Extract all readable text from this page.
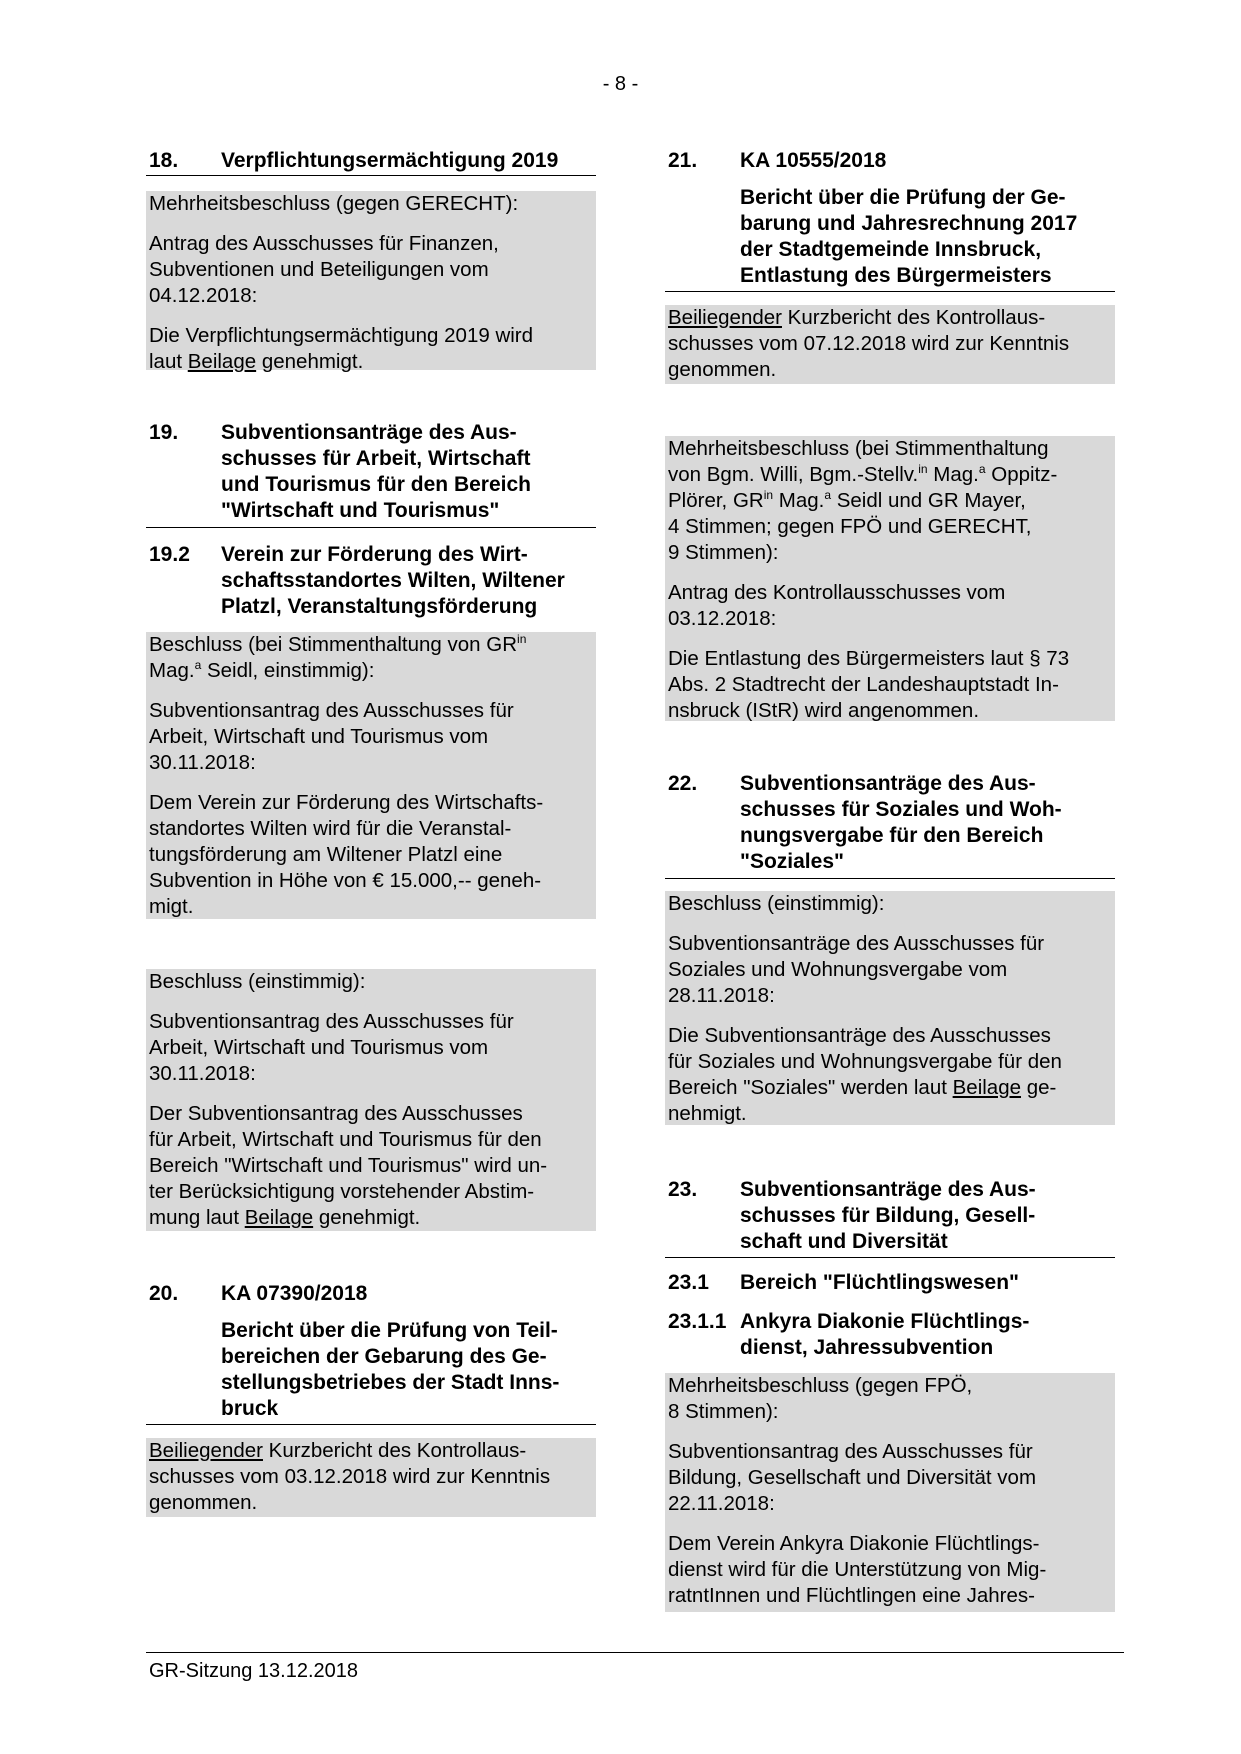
- 8 -
18. Verpflichtungsermächtigung 2019

Mehrheitsbeschluss (gegen GERECHT):

Antrag des Ausschusses für Finanzen,
Subventionen und Beteiligungen vom
04.12.2018:

Die Verpflichtungsermächtigung 2019 wird
laut Beilage genehmigt.

19. Subventionsanträge des Aus-
schusses für Arbeit, Wirtschaft
und Tourismus für den Bereich
"Wirtschaft und Tourismus"
19.2 Verein zur Förderung des Wirt-
schaftsstandortes Wilten, Wiltener
Platzl, Veranstaltungsförderung

Beschluss (bei Stimmenthaltung von $GR^{in}$
Mag.$^a$ Seidl, einstimmig):

Subventionsantrag des Ausschusses für
Arbeit, Wirtschaft und Tourismus vom
30.11.2018:

Dem Verein zur Förderung des Wirtschafts-
standortes Wilten wird für die Veranstal-
tungsförderung am Wiltener Platzl eine
Subvention in Höhe von € 15.000,-- geneh-
migt.

Beschluss (einstimmig):

Subventionsantrag des Ausschusses für
Arbeit, Wirtschaft und Tourismus vom
30.11.2018:

Der Subventionsantrag des Ausschusses
für Arbeit, Wirtschaft und Tourismus für den
Bereich "Wirtschaft und Tourismus" wird un-
ter Berücksichtigung vorstehender Abstim-
mung laut Beilage genehmigt.

20. KA 07390/2018
Bericht über die Prüfung von Teil-
bereichen der Gebarung des Ge-
stellungsbetriebes der Stadt Inns-
bruck

Beiliegender Kurzbericht des Kontrollaus-
schusses vom 03.12.2018 wird zur Kenntnis
genommen.

21. KA 10555/2018
Bericht über die Prüfung der Ge-
barung und Jahresrechnung 2017
der Stadtgemeinde Innsbruck,
Entlastung des Bürgermeisters

Beiliegender Kurzbericht des Kontrollaus-
schusses vom 07.12.2018 wird zur Kenntnis
genommen.

Mehrheitsbeschluss (bei Stimmenthaltung
von Bgm. Willi, Bgm.-Stellv.$^{in}$ Mag.$^a$ Oppitz-
Plörer, $GR^{in}$ Mag.$^a$ Seidl und GR Mayer,
4 Stimmen; gegen FPÖ und GERECHT,
9 Stimmen):

Antrag des Kontrollausschusses vom
03.12.2018:

Die Entlastung des Bürgermeisters laut § 73
Abs. 2 Stadtrecht der Landeshauptstadt In-
nsbruck (IStR) wird angenommen.

22. Subventionsanträge des Aus-
schusses für Soziales und Woh-
nungsvergabe für den Bereich
"Soziales"

Beschluss (einstimmig):

Subventionsanträge des Ausschusses für
Soziales und Wohnungsvergabe vom
28.11.2018:

Die Subventionsanträge des Ausschusses
für Soziales und Wohnungsvergabe für den
Bereich "Soziales" werden laut Beilage ge-
nehmigt.

23. Subventionsanträge des Aus-
schusses für Bildung, Gesell-
schaft und Diversität
23.1 Bereich "Flüchtlingswesen"
23.1.1 Ankyra Diakonie Flüchtlings-
dienst, Jahressubvention

Mehrheitsbeschluss (gegen FPÖ,
8 Stimmen):

Subventionsantrag des Ausschusses für
Bildung, Gesellschaft und Diversität vom
22.11.2018:

Dem Verein Ankyra Diakonie Flüchtlings-
dienst wird für die Unterstützung von Mig-
ratntInnen und Flüchtlingen eine Jahres-

GR-Sitzung 13.12.2018
